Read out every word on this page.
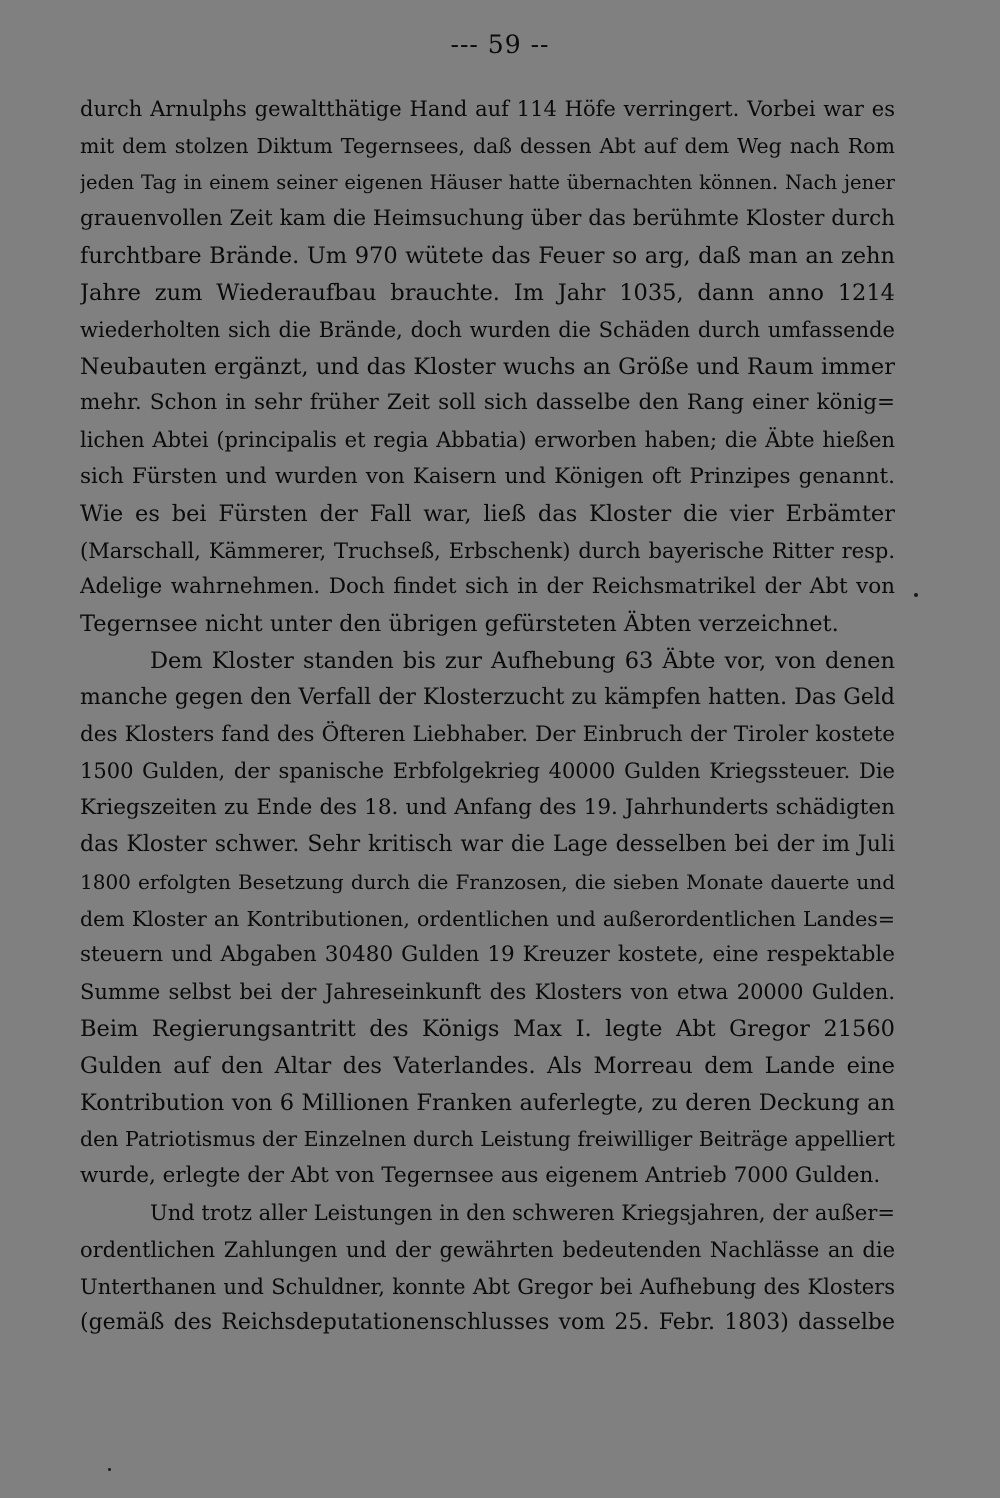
--- 59 --
durch Arnulphs gewaltthätige Hand auf 114 Höfe verringert. Vorbei war es
mit dem stolzen Diktum Tegernsees, daß dessen Abt auf dem Weg nach Rom
jeden Tag in einem seiner eigenen Häuser hatte übernachten können. Nach jener
grauenvollen Zeit kam die Heimsuchung über das berühmte Kloster durch
furchtbare Brände. Um 970 wütete das Feuer so arg, daß man an zehn
Jahre zum Wiederaufbau brauchte. Im Jahr 1035, dann anno 1214
wiederholten sich die Brände, doch wurden die Schäden durch umfassende
Neubauten ergänzt, und das Kloster wuchs an Größe und Raum immer
mehr. Schon in sehr früher Zeit soll sich dasselbe den Rang einer könig=
lichen Abtei (principalis et regia Abbatia) erworben haben; die Äbte hießen
sich Fürsten und wurden von Kaisern und Königen oft Prinzipes genannt.
Wie es bei Fürsten der Fall war, ließ das Kloster die vier Erbämter
(Marschall, Kämmerer, Truchseß, Erbschenk) durch bayerische Ritter resp.
Adelige wahrnehmen. Doch findet sich in der Reichsmatrikel der Abt von
Tegernsee nicht unter den übrigen gefürsteten Äbten verzeichnet.
Dem Kloster standen bis zur Aufhebung 63 Äbte vor, von denen
manche gegen den Verfall der Klosterzucht zu kämpfen hatten. Das Geld
des Klosters fand des Öfteren Liebhaber. Der Einbruch der Tiroler kostete
1500 Gulden, der spanische Erbfolgekrieg 40000 Gulden Kriegssteuer. Die
Kriegszeiten zu Ende des 18. und Anfang des 19. Jahrhunderts schädigten
das Kloster schwer. Sehr kritisch war die Lage desselben bei der im Juli
1800 erfolgten Besetzung durch die Franzosen, die sieben Monate dauerte und
dem Kloster an Kontributionen, ordentlichen und außerordentlichen Landes=
steuern und Abgaben 30480 Gulden 19 Kreuzer kostete, eine respektable
Summe selbst bei der Jahreseinkunft des Klosters von etwa 20000 Gulden.
Beim Regierungsantritt des Königs Max I. legte Abt Gregor 21560
Gulden auf den Altar des Vaterlandes. Als Morreau dem Lande eine
Kontribution von 6 Millionen Franken auferlegte, zu deren Deckung an
den Patriotismus der Einzelnen durch Leistung freiwilliger Beiträge appelliert
wurde, erlegte der Abt von Tegernsee aus eigenem Antrieb 7000 Gulden.
Und trotz aller Leistungen in den schweren Kriegsjahren, der außer=
ordentlichen Zahlungen und der gewährten bedeutenden Nachlässe an die
Unterthanen und Schuldner, konnte Abt Gregor bei Aufhebung des Klosters
(gemäß des Reichsdeputationenschlusses vom 25. Febr. 1803) dasselbe
